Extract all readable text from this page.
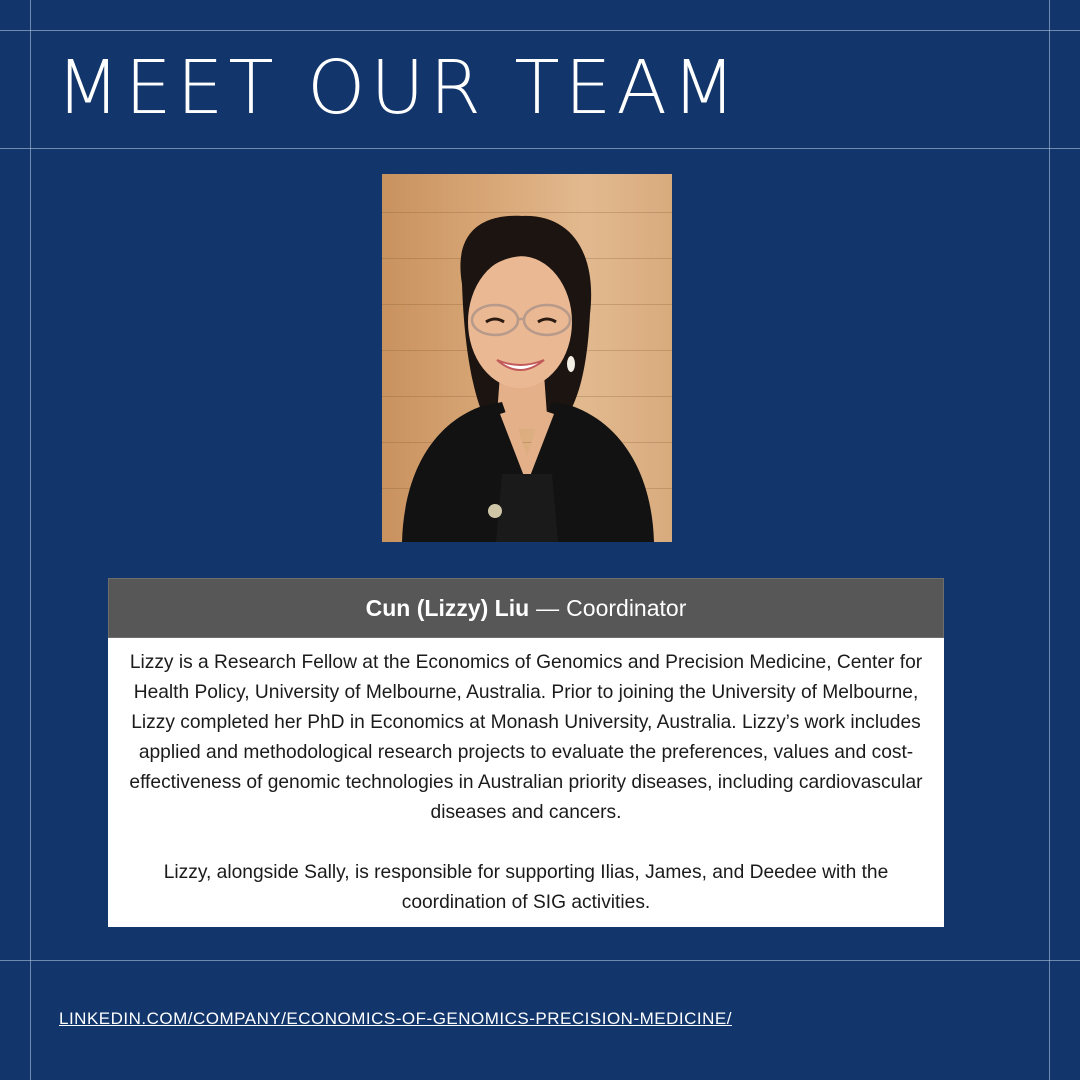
MEET OUR TEAM
Cun (Lizzy) Liu — Coordinator

Lizzy is a Research Fellow at the Economics of Genomics and Precision Medicine, Center for Health Policy, University of Melbourne, Australia. Prior to joining the University of Melbourne, Lizzy completed her PhD in Economics at Monash University, Australia. Lizzy’s work includes applied and methodological research projects to evaluate the preferences, values and cost-effectiveness of genomic technologies in Australian priority diseases, including cardiovascular diseases and cancers.

Lizzy, alongside Sally, is responsible for supporting Ilias, James, and Deedee with the coordination of SIG activities.

LINKEDIN.COM/COMPANY/ECONOMICS-OF-GENOMICS-PRECISION-MEDICINE/
